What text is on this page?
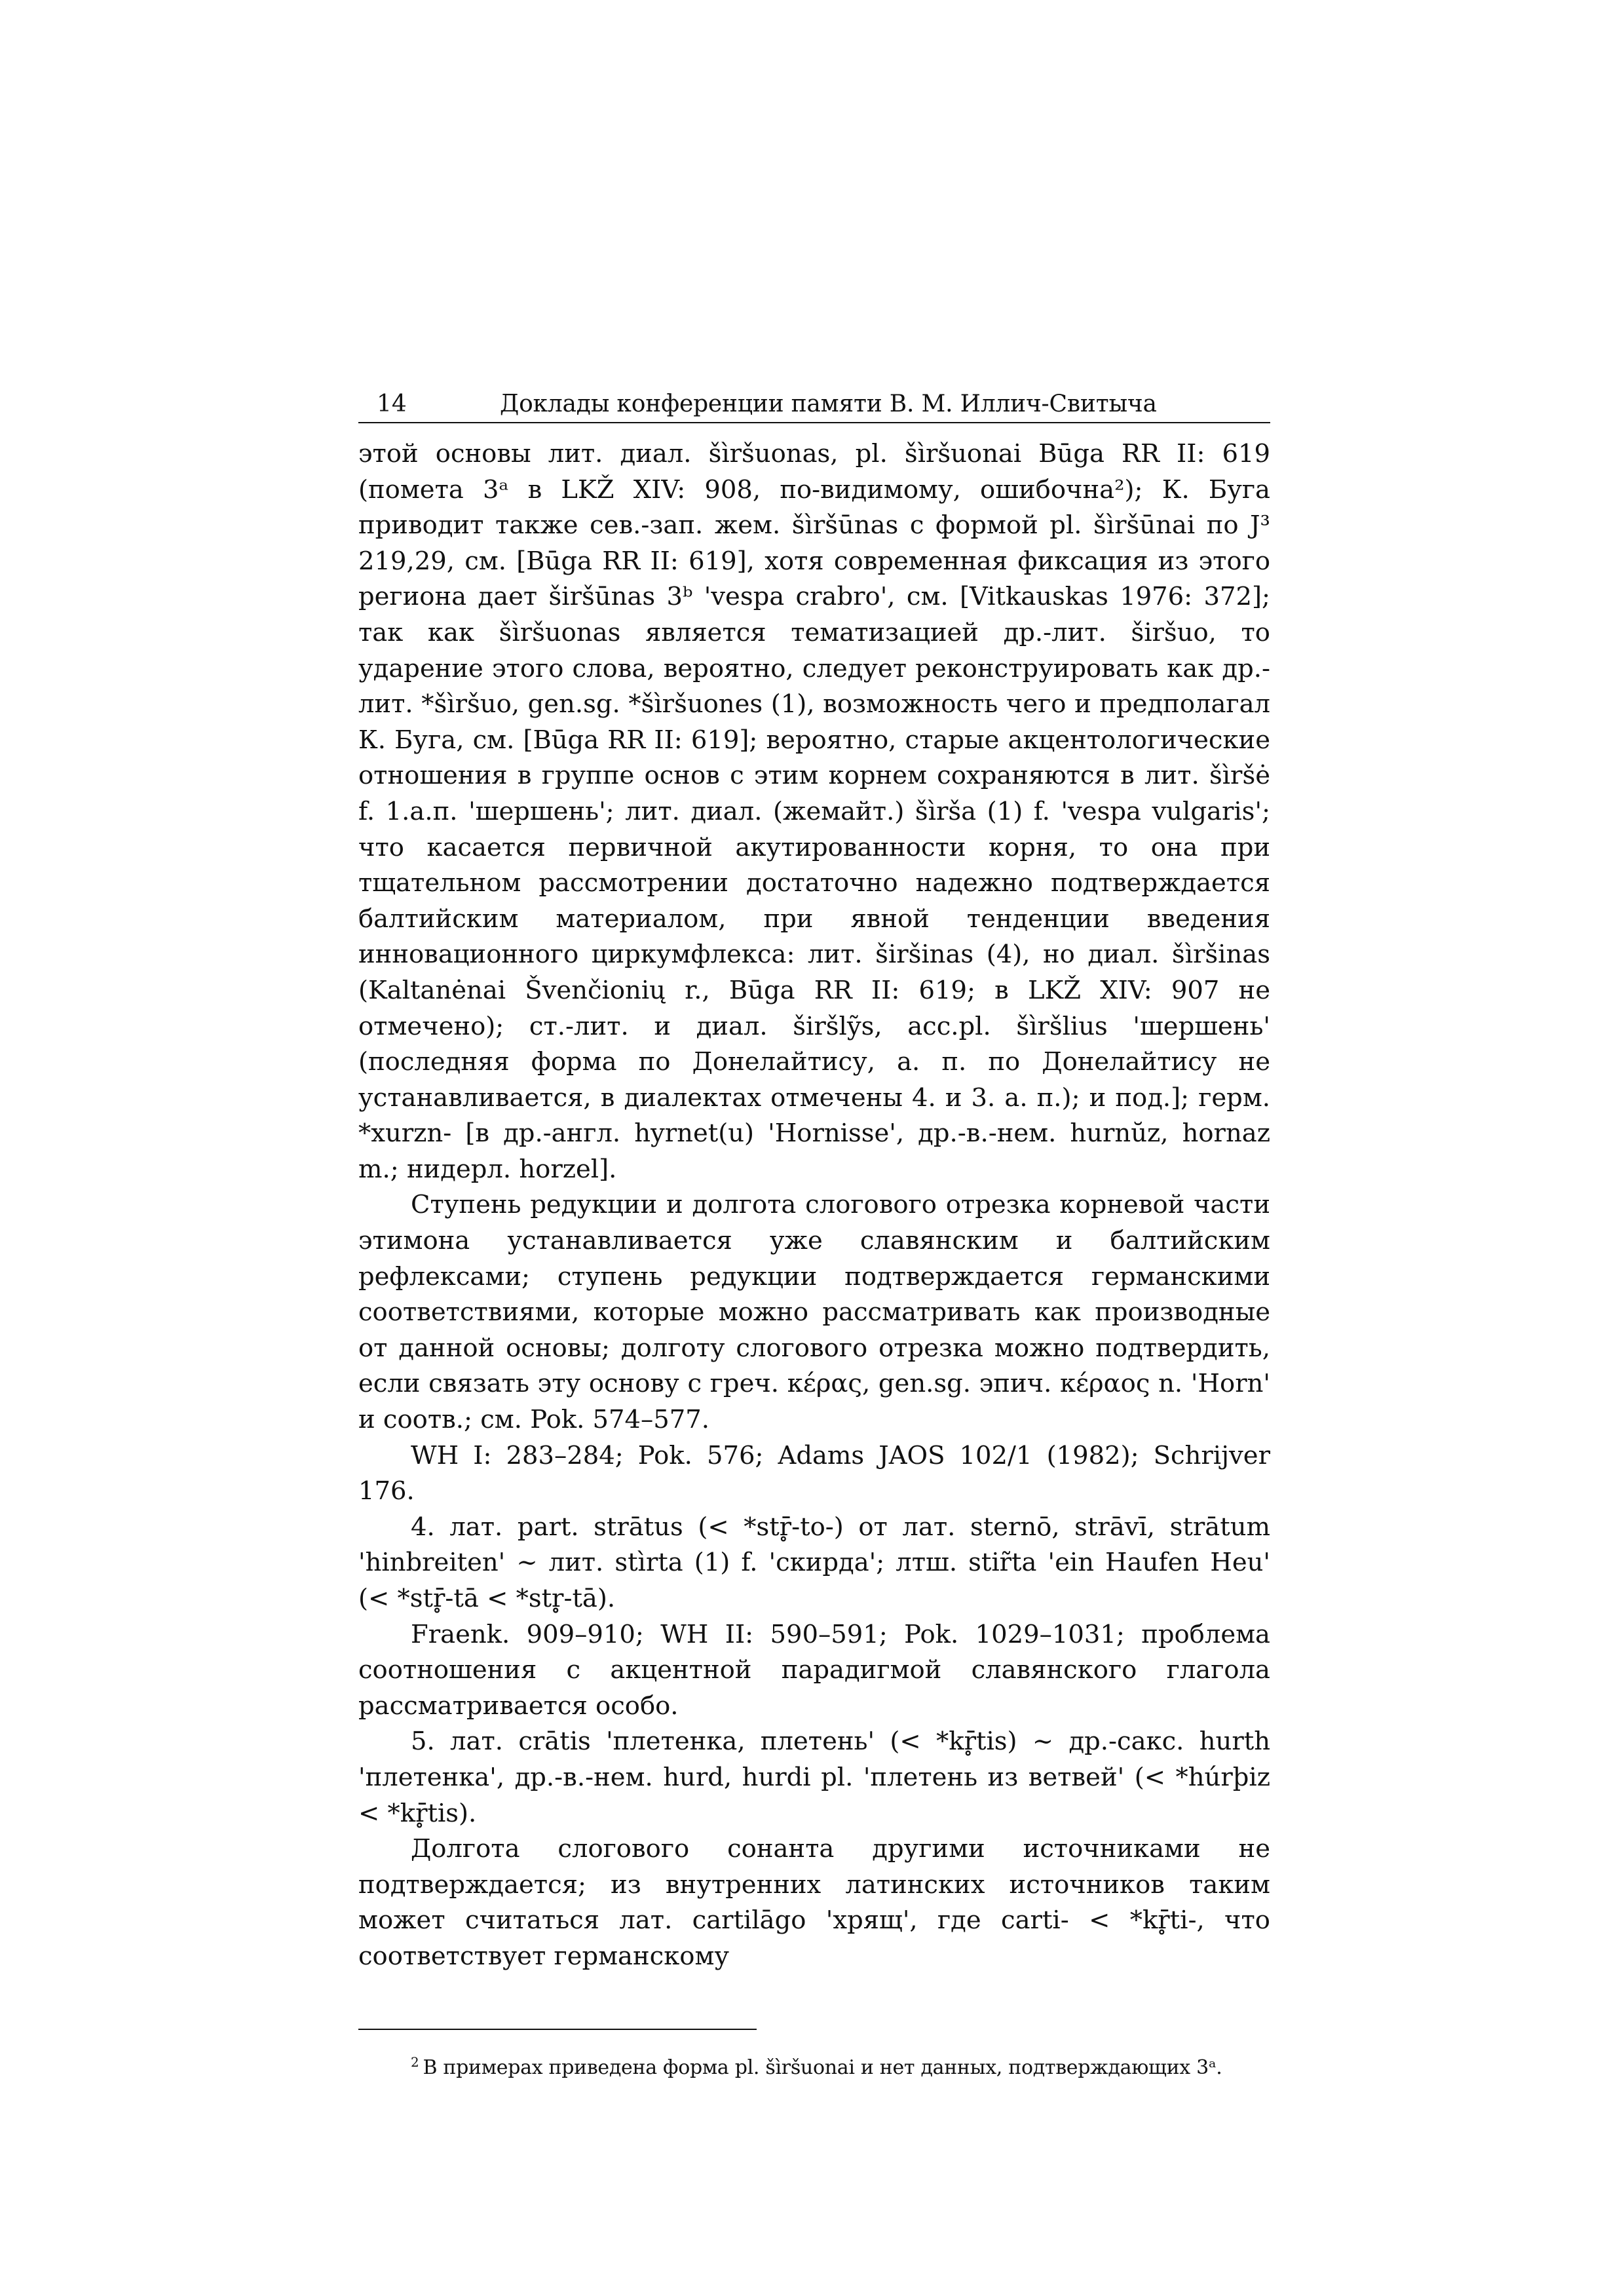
14	Доклады конференции памяти В. М. Иллич-Свитыча

этой основы лит. диал. šìršuonas, pl. šìršuonai Būga RR II: 619 (помета 3ᵃ в LKŽ XIV: 908, по-видимому, ошибочна²); К. Буга приводит также сев.-зап. жем. šìršūnas с формой pl. šìršūnai по J³ 219,29, см. [Būga RR II: 619], хотя современная фиксация из этого региона дает širšūnas 3ᵇ 'vespa crabro', см. [Vitkauskas 1976: 372]; так как šìršuonas является тематизацией др.-лит. širšuo, то ударение этого слова, вероятно, следует реконструировать как др.-лит. *šìršuo, gen.sg. *šìršuones (1), возможность чего и предполагал К. Буга, см. [Būga RR II: 619]; вероятно, старые акцентологические отношения в группе основ с этим корнем сохраняются в лит. šìršė f. 1.а.п. 'шершень'; лит. диал. (жемайт.) šìrša (1) f. 'vespa vulgaris'; что касается первичной акутированности корня, то она при тщательном рассмотрении достаточно надежно подтверждается балтийским материалом, при явной тенденции введения инновационного циркумфлекса: лит. širšinas (4), но диал. šìršinas (Kaltanėnai Švenčionių r., Būga RR II: 619; в LKŽ XIV: 907 не отмечено); ст.-лит. и диал. širšlỹs, acc.pl. šìršlius 'шершень' (последняя форма по Донелайтису, а. п. по Донелайтису не устанавливается, в диалектах отмечены 4. и 3. а. п.); и под.]; герм. *xurzn- [в др.-англ. hyrnet(u) 'Hornisse', др.-в.-нем. hurnŭz, hornaz m.; нидерл. horzel].

Ступень редукции и долгота слогового отрезка корневой части этимона устанавливается уже славянским и балтийским рефлексами; ступень редукции подтверждается германскими соответствиями, которые можно рассматривать как производные от данной основы; долготу слогового отрезка можно подтвердить, если связать эту основу с греч. κέρας, gen.sg. эпич. κέραος n. 'Horn' и соотв.; см. Pok. 574–577.

WH I: 283–284; Pok. 576; Adams JAOS 102/1 (1982); Schrijver 176.

4. лат. part. strātus (< *str̥̄-to-) от лат. sternō, strāvī, strātum 'hinbreiten' ~ лит. stìrta (1) f. 'скирда'; лтш. stir̃ta 'ein Haufen Heu' (< *str̥̄-tā < *str̥̥-tā).

Fraenk. 909–910; WH II: 590–591; Pok. 1029–1031; проблема соотношения с акцентной парадигмой славянского глагола рассматривается особо.

5. лат. crātis 'плетенка, плетень' (< *kr̥̄tis) ~ др.-сакс. hurth 'плетенка', др.-в.-нем. hurd, hurdi pl. 'плетень из ветвей' (< *húrþiz < *kr̥̄tis).

Долгота слогового сонанта другими источниками не подтверждается; из внутренних латинских источников таким может считаться лат. cartilāgo 'хрящ', где carti- < *kr̥̄ti-, что соответствует германскому

$^2$ В примерах приведена форма pl. šìršuonai и нет данных, подтверждающих 3ᵃ.
